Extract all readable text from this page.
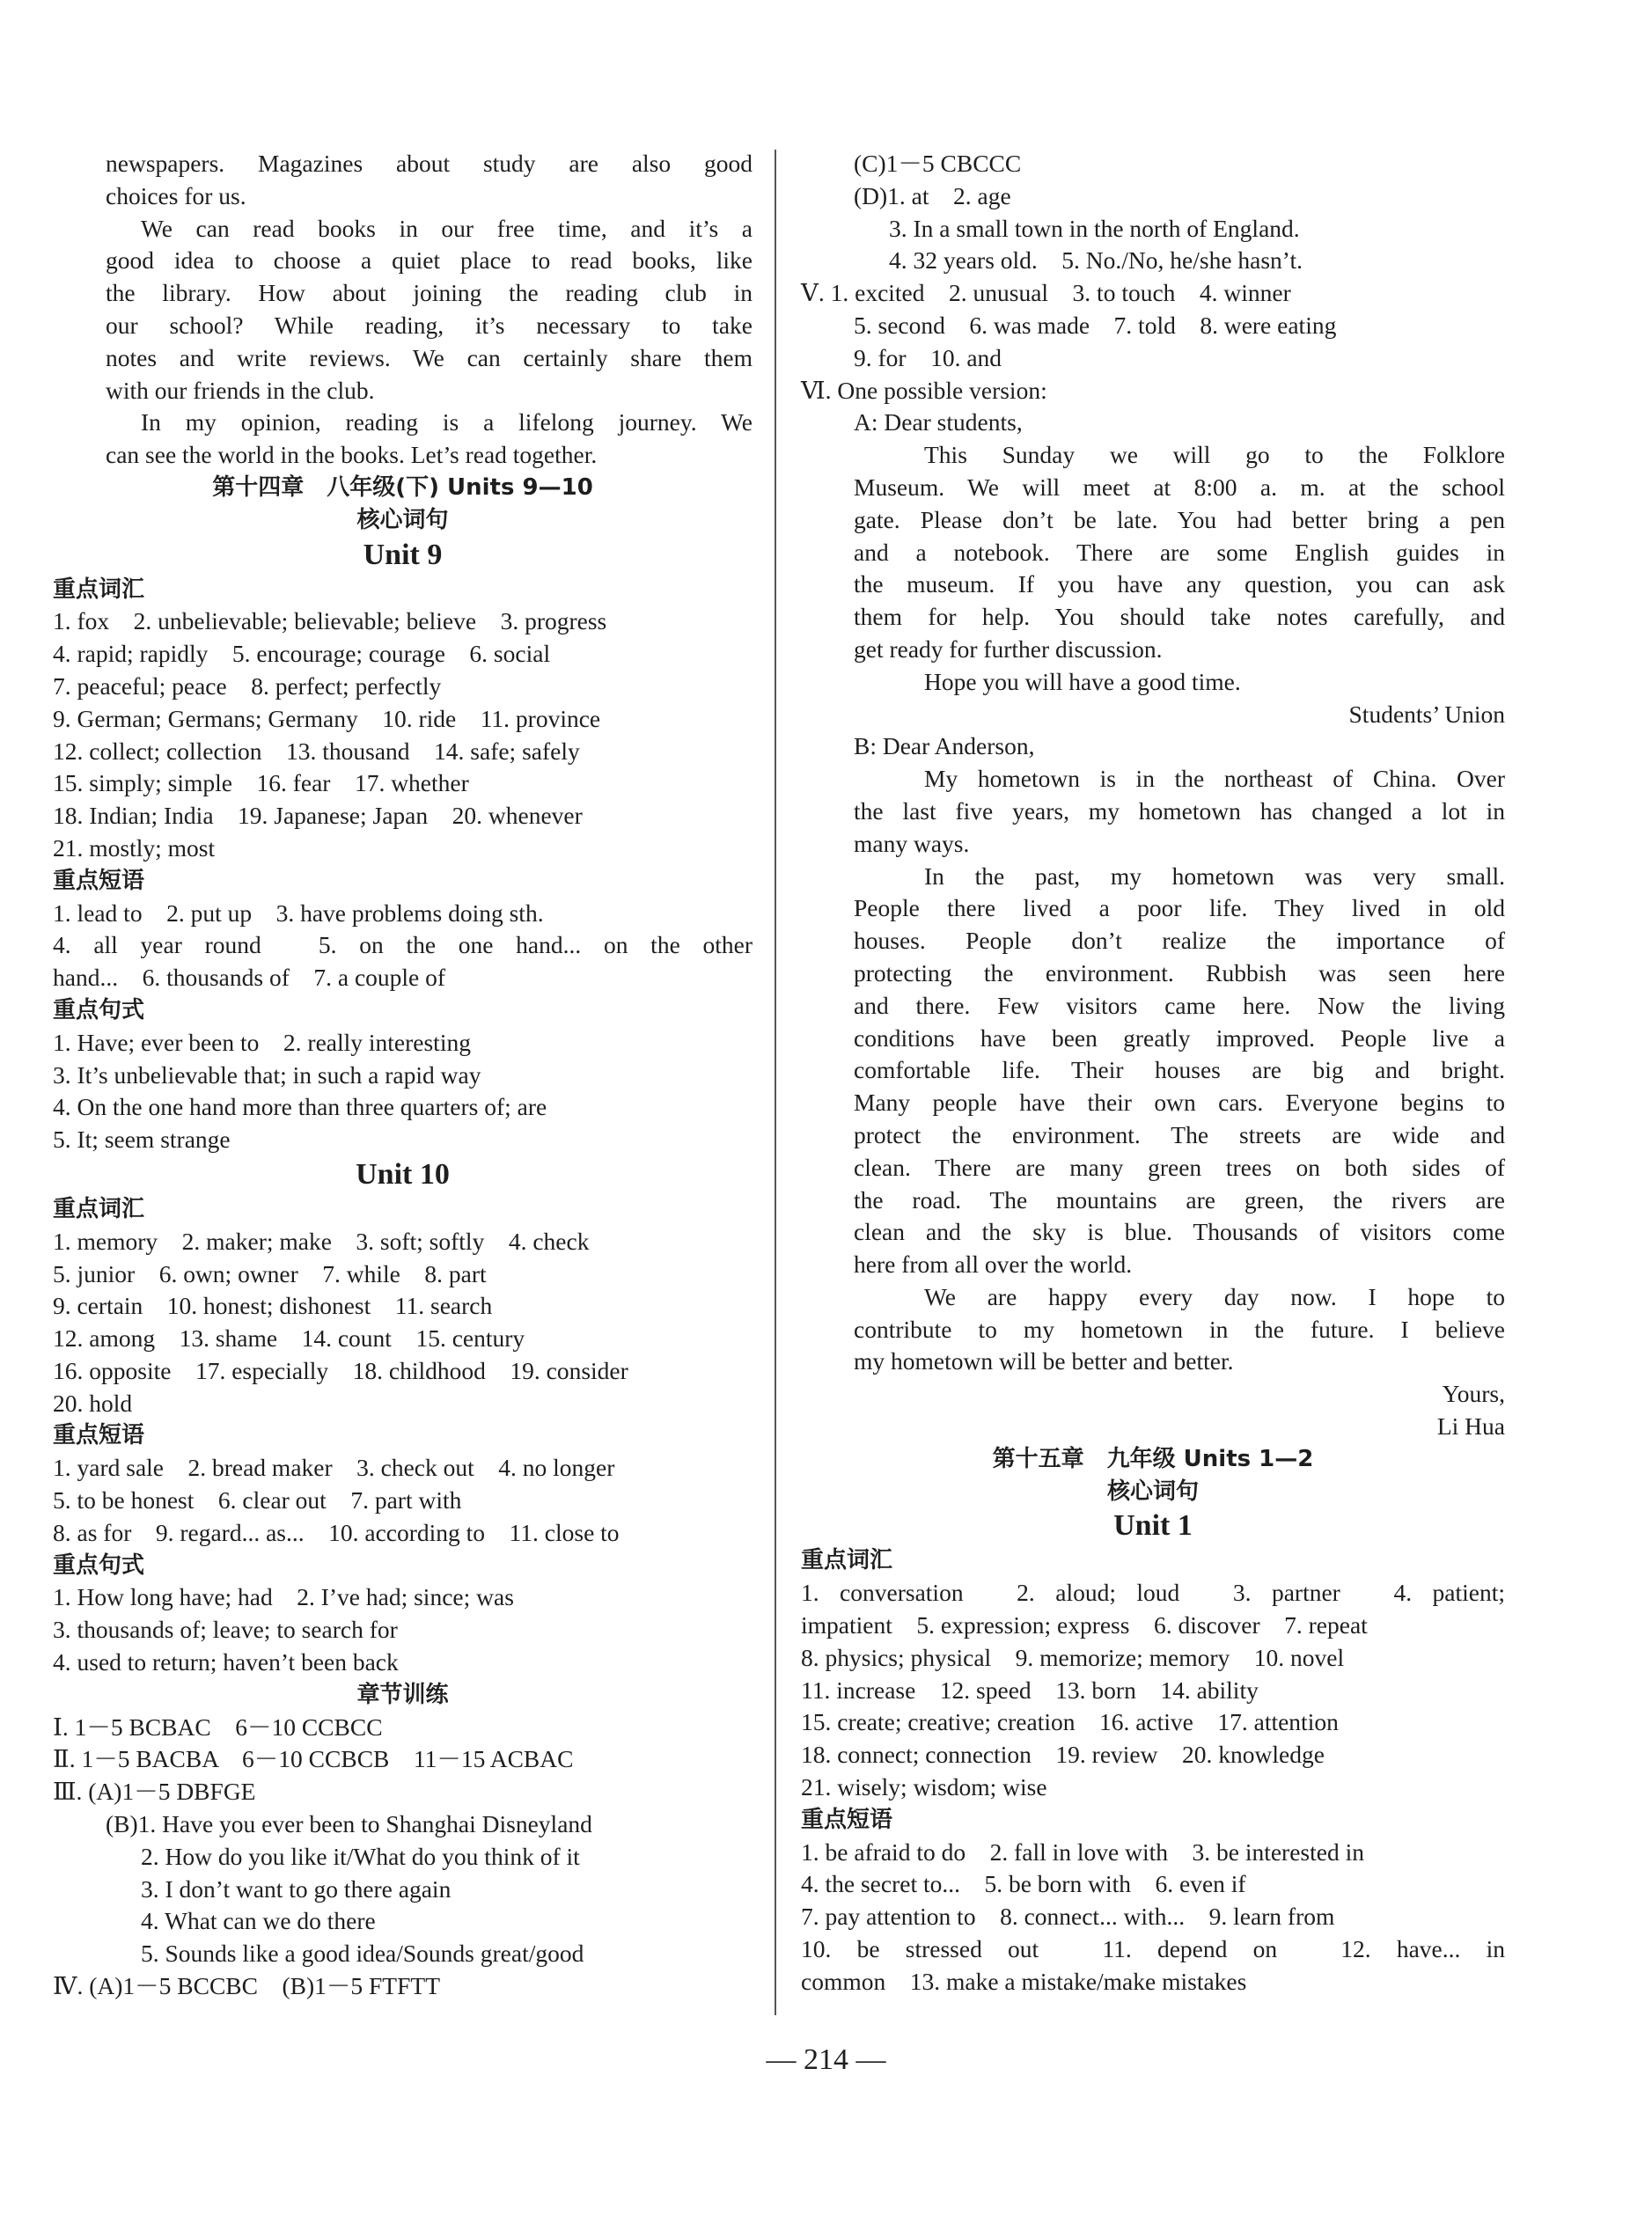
newspapers. Magazines about study are also good
choices for us.
We can read books in our free time, and it’s a
good idea to choose a quiet place to read books, like
the library. How about joining the reading club in
our school? While reading, it’s necessary to take
notes and write reviews. We can certainly share them
with our friends in the club.
In my opinion, reading is a lifelong journey. We
can see the world in the books. Let’s read together.
第十四章　八年级(下) Units 9—10
核心词句
Unit 9
重点词汇
1. fox　2. unbelievable; believable; believe　3. progress
4. rapid; rapidly　5. encourage; courage　6. social
7. peaceful; peace　8. perfect; perfectly
9. German; Germans; Germany　10. ride　11. province
12. collect; collection　13. thousand　14. safe; safely
15. simply; simple　16. fear　17. whether
18. Indian; India　19. Japanese; Japan　20. whenever
21. mostly; most
重点短语
1. lead to　2. put up　3. have problems doing sth.
4. all year round　5. on the one hand... on the other
hand...　6. thousands of　7. a couple of
重点句式
1. Have; ever been to　2. really interesting
3. It’s unbelievable that; in such a rapid way
4. On the one hand more than three quarters of; are
5. It; seem strange
Unit 10
重点词汇
1. memory　2. maker; make　3. soft; softly　4. check
5. junior　6. own; owner　7. while　8. part
9. certain　10. honest; dishonest　11. search
12. among　13. shame　14. count　15. century
16. opposite　17. especially　18. childhood　19. consider
20. hold
重点短语
1. yard sale　2. bread maker　3. check out　4. no longer
5. to be honest　6. clear out　7. part with
8. as for　9. regard... as...　10. according to　11. close to
重点句式
1. How long have; had　2. I’ve had; since; was
3. thousands of; leave; to search for
4. used to return; haven’t been back
章节训练
Ⅰ. 1－5 BCBAC　6－10 CCBCC
Ⅱ. 1－5 BACBA　6－10 CCBCB　11－15 ACBAC
Ⅲ. (A)1－5 DBFGE
(B)1. Have you ever been to Shanghai Disneyland
2. How do you like it/What do you think of it
3. I don’t want to go there again
4. What can we do there
5. Sounds like a good idea/Sounds great/good
Ⅳ. (A)1－5 BCCBC　(B)1－5 FTFTT
(C)1－5 CBCCC
(D)1. at　2. age
3. In a small town in the north of England.
4. 32 years old.　5. No./No, he/she hasn’t.
Ⅴ. 1. excited　2. unusual　3. to touch　4. winner
5. second　6. was made　7. told　8. were eating
9. for　10. and
Ⅵ. One possible version:
A: Dear students,
This Sunday we will go to the Folklore
Museum. We will meet at 8:00 a. m. at the school
gate. Please don’t be late. You had better bring a pen
and a notebook. There are some English guides in
the museum. If you have any question, you can ask
them for help. You should take notes carefully, and
get ready for further discussion.
Hope you will have a good time.
Students’ Union
B: Dear Anderson,
My hometown is in the northeast of China. Over
the last five years, my hometown has changed a lot in
many ways.
In the past, my hometown was very small.
People there lived a poor life. They lived in old
houses. People don’t realize the importance of
protecting the environment. Rubbish was seen here
and there. Few visitors came here. Now the living
conditions have been greatly improved. People live a
comfortable life. Their houses are big and bright.
Many people have their own cars. Everyone begins to
protect the environment. The streets are wide and
clean. There are many green trees on both sides of
the road. The mountains are green, the rivers are
clean and the sky is blue. Thousands of visitors come
here from all over the world.
We are happy every day now. I hope to
contribute to my hometown in the future. I believe
my hometown will be better and better.
Yours,
Li Hua
第十五章　九年级 Units 1—2
核心词句
Unit 1
重点词汇
1. conversation　2. aloud; loud　3. partner　4. patient;
impatient　5. expression; express　6. discover　7. repeat
8. physics; physical　9. memorize; memory　10. novel
11. increase　12. speed　13. born　14. ability
15. create; creative; creation　16. active　17. attention
18. connect; connection　19. review　20. knowledge
21. wisely; wisdom; wise
重点短语
1. be afraid to do　2. fall in love with　3. be interested in
4. the secret to...　5. be born with　6. even if
7. pay attention to　8. connect... with...　9. learn from
10. be stressed out　11. depend on　12. have... in
common　13. make a mistake/make mistakes
— 214 —
